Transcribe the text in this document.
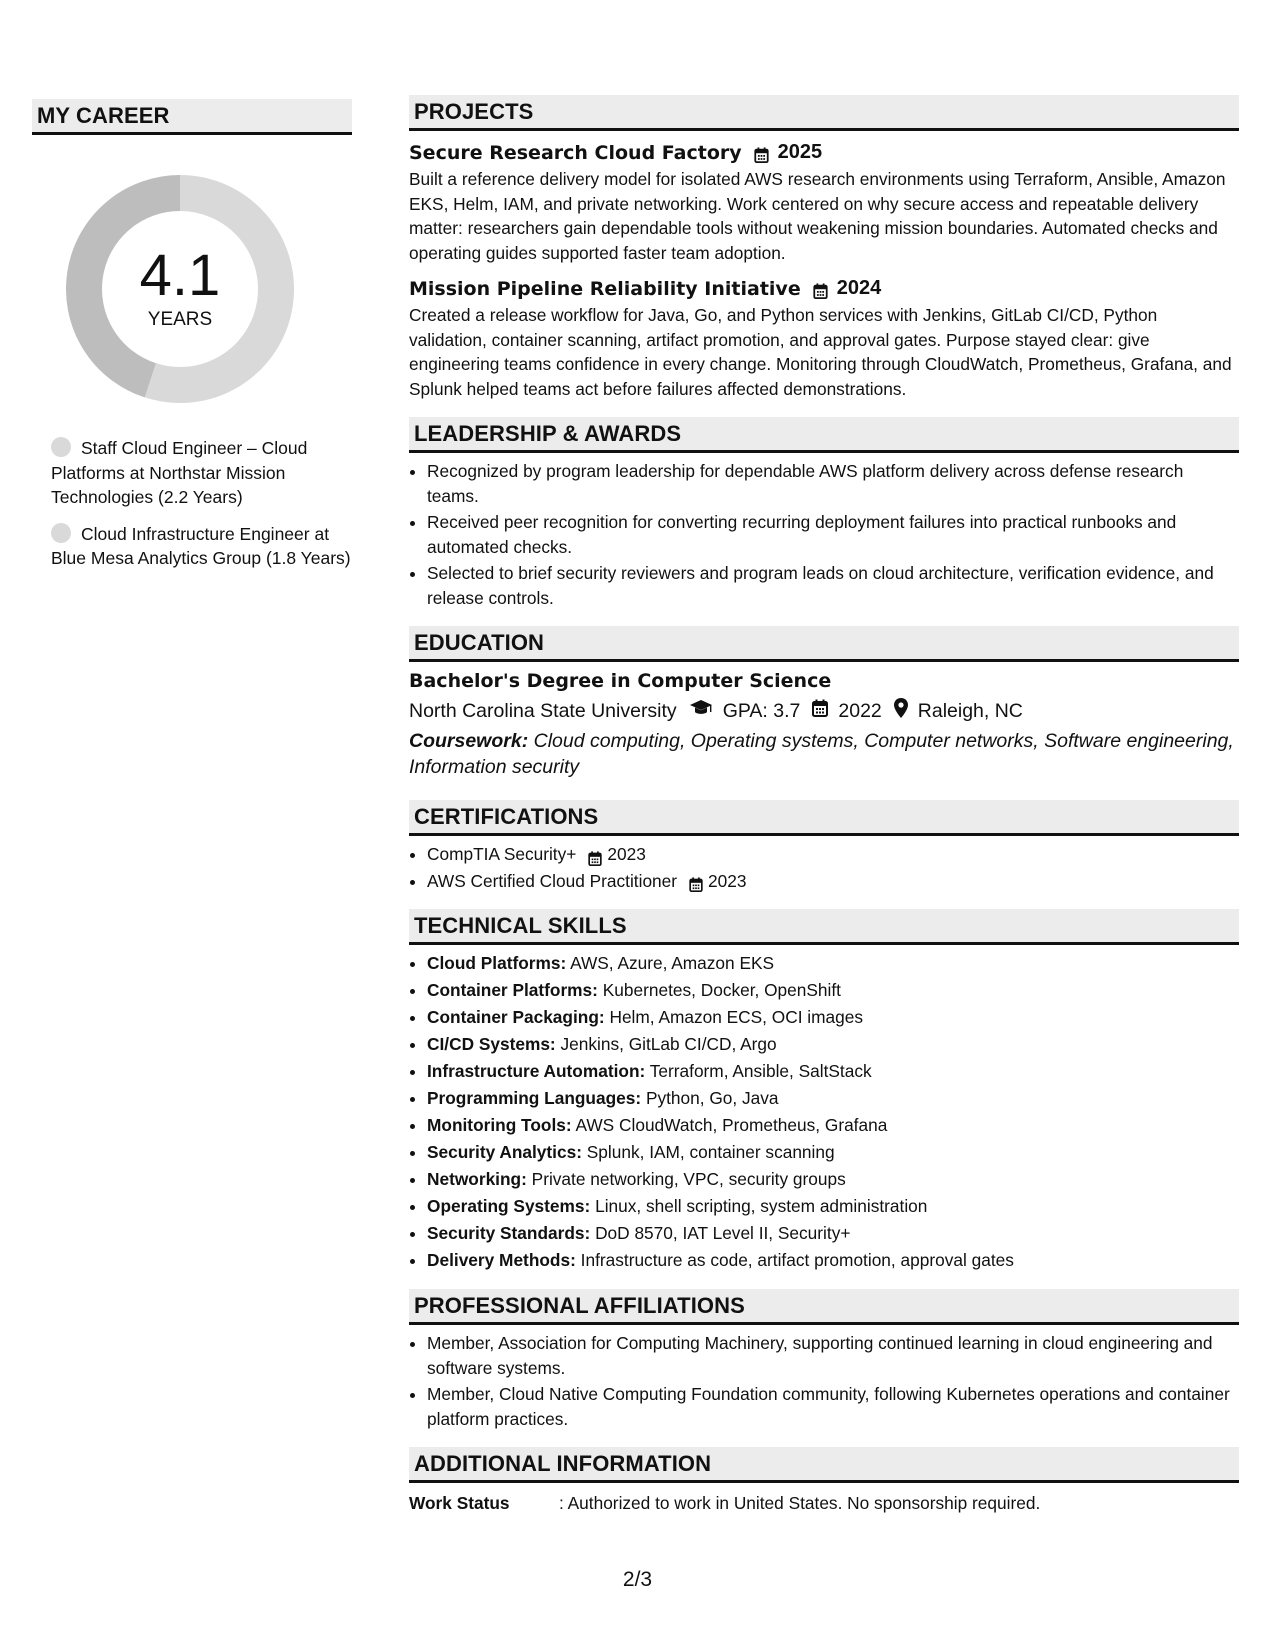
MY CAREER
4.1
YEARS
Staff Cloud Engineer – Cloud Platforms at Northstar Mission Technologies (2.2 Years)
Cloud Infrastructure Engineer at Blue Mesa Analytics Group (1.8 Years)
PROJECTS
Secure Research Cloud Factory 2025
Built a reference delivery model for isolated AWS research environments using Terraform, Ansible, Amazon EKS, Helm, IAM, and private networking. Work centered on why secure access and repeatable delivery matter: researchers gain dependable tools without weakening mission boundaries. Automated checks and operating guides supported faster team adoption.
Mission Pipeline Reliability Initiative 2024
Created a release workflow for Java, Go, and Python services with Jenkins, GitLab CI/CD, Python validation, container scanning, artifact promotion, and approval gates. Purpose stayed clear: give engineering teams confidence in every change. Monitoring through CloudWatch, Prometheus, Grafana, and Splunk helped teams act before failures affected demonstrations.
LEADERSHIP & AWARDS
• Recognized by program leadership for dependable AWS platform delivery across defense research teams.
• Received peer recognition for converting recurring deployment failures into practical runbooks and automated checks.
• Selected to brief security reviewers and program leads on cloud architecture, verification evidence, and release controls.
EDUCATION
Bachelor's Degree in Computer Science
North Carolina State University GPA: 3.7 2022 Raleigh, NC
Coursework: Cloud computing, Operating systems, Computer networks, Software engineering, Information security
CERTIFICATIONS
• CompTIA Security+ 2023
• AWS Certified Cloud Practitioner 2023
TECHNICAL SKILLS
• Cloud Platforms: AWS, Azure, Amazon EKS
• Container Platforms: Kubernetes, Docker, OpenShift
• Container Packaging: Helm, Amazon ECS, OCI images
• CI/CD Systems: Jenkins, GitLab CI/CD, Argo
• Infrastructure Automation: Terraform, Ansible, SaltStack
• Programming Languages: Python, Go, Java
• Monitoring Tools: AWS CloudWatch, Prometheus, Grafana
• Security Analytics: Splunk, IAM, container scanning
• Networking: Private networking, VPC, security groups
• Operating Systems: Linux, shell scripting, system administration
• Security Standards: DoD 8570, IAT Level II, Security+
• Delivery Methods: Infrastructure as code, artifact promotion, approval gates
PROFESSIONAL AFFILIATIONS
• Member, Association for Computing Machinery, supporting continued learning in cloud engineering and software systems.
• Member, Cloud Native Computing Foundation community, following Kubernetes operations and container platform practices.
ADDITIONAL INFORMATION
Work Status	: Authorized to work in United States. No sponsorship required.
2/3
